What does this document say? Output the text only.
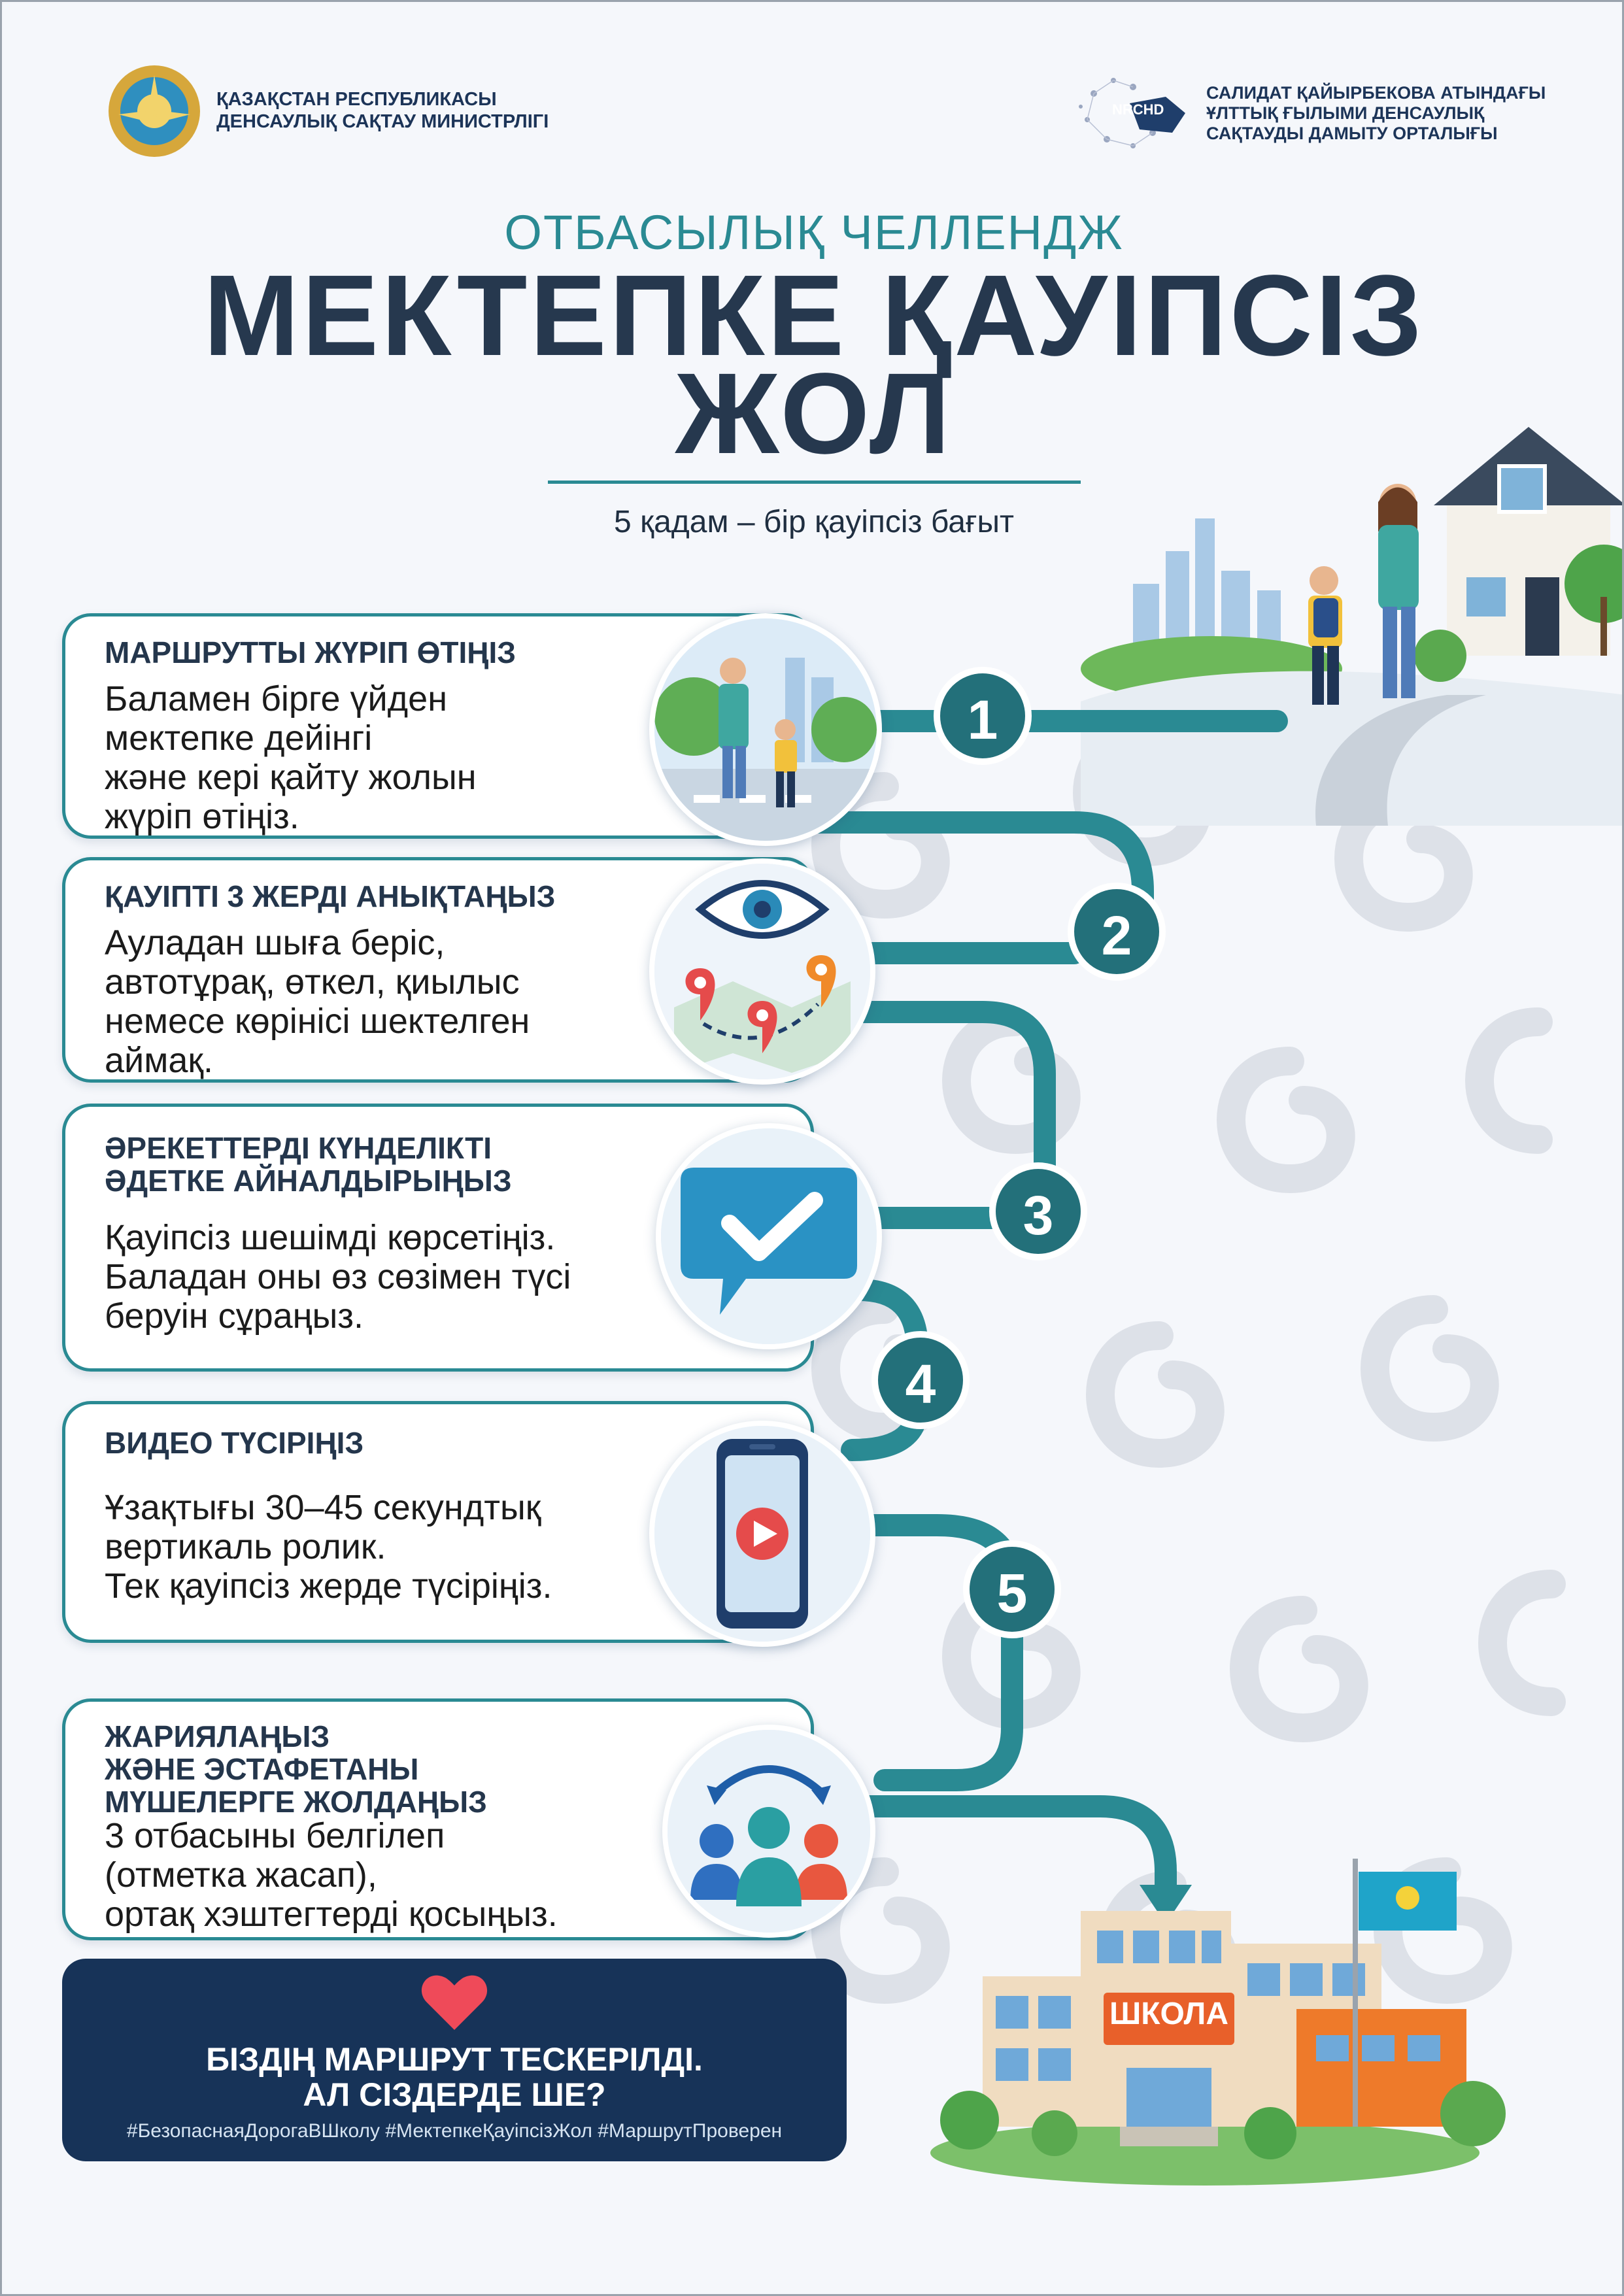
ҚАЗАҚСТАН РЕСПУБЛИКАСЫ
ДЕНСАУЛЫҚ САҚТАУ МИНИСТРЛІГІ
NRCHD
САЛИДАТ ҚАЙЫРБЕКОВА АТЫНДАҒЫ
ҰЛТТЫҚ ҒЫЛЫМИ ДЕНСАУЛЫҚ
САҚТАУДЫ ДАМЫТУ ОРТАЛЫҒЫ
ОТБАСЫЛЫҚ ЧЕЛЛЕНДЖ
МЕКТЕПКЕ ҚАУІПСІЗ
ЖОЛ
5 қадам – бір қауіпсіз бағыт
1
2
3
4
5
МАРШРУТТЫ ЖҮРІП ӨТІҢІЗ
Баламен бірге үйден
мектепке дейінгі
және кері қайту жолын
жүріп өтіңіз.
ҚАУІПТІ 3 ЖЕРДІ АНЫҚТАҢЫЗ
Ауладан шыға беріс,
автотұрақ, өткел, қиылыс
немесе көрінісі шектелген
аймақ.
ӘРЕКЕТТЕРДІ КҮНДЕЛІКТІ
ӘДЕТКЕ АЙНАЛДЫРЫҢЫЗ
Қауіпсіз шешімді көрсетіңіз.
Баладан оны өз сөзімен түсі
беруін сұраңыз.
ВИДЕО ТҮСІРІҢІЗ
Ұзақтығы 30–45 секундтық
вертикаль ролик.
Тек қауіпсіз жерде түсіріңіз.
ЖАРИЯЛАҢЫЗ
ЖӘНЕ ЭСТАФЕТАНЫ
МҮШЕЛЕРГЕ ЖОЛДАҢЫЗ
3 отбасыны белгілеп
(отметка жасап),
ортақ хэштегтерді қосыңыз.
ШКОЛА
БІЗДІҢ МАРШРУТ ТЕСКЕРІЛДІ.
АЛ СІЗДЕРДЕ ШЕ?
#БезопаснаяДорогаВШколу #МектепкеҚауіпсізЖол #МаршрутПроверен
